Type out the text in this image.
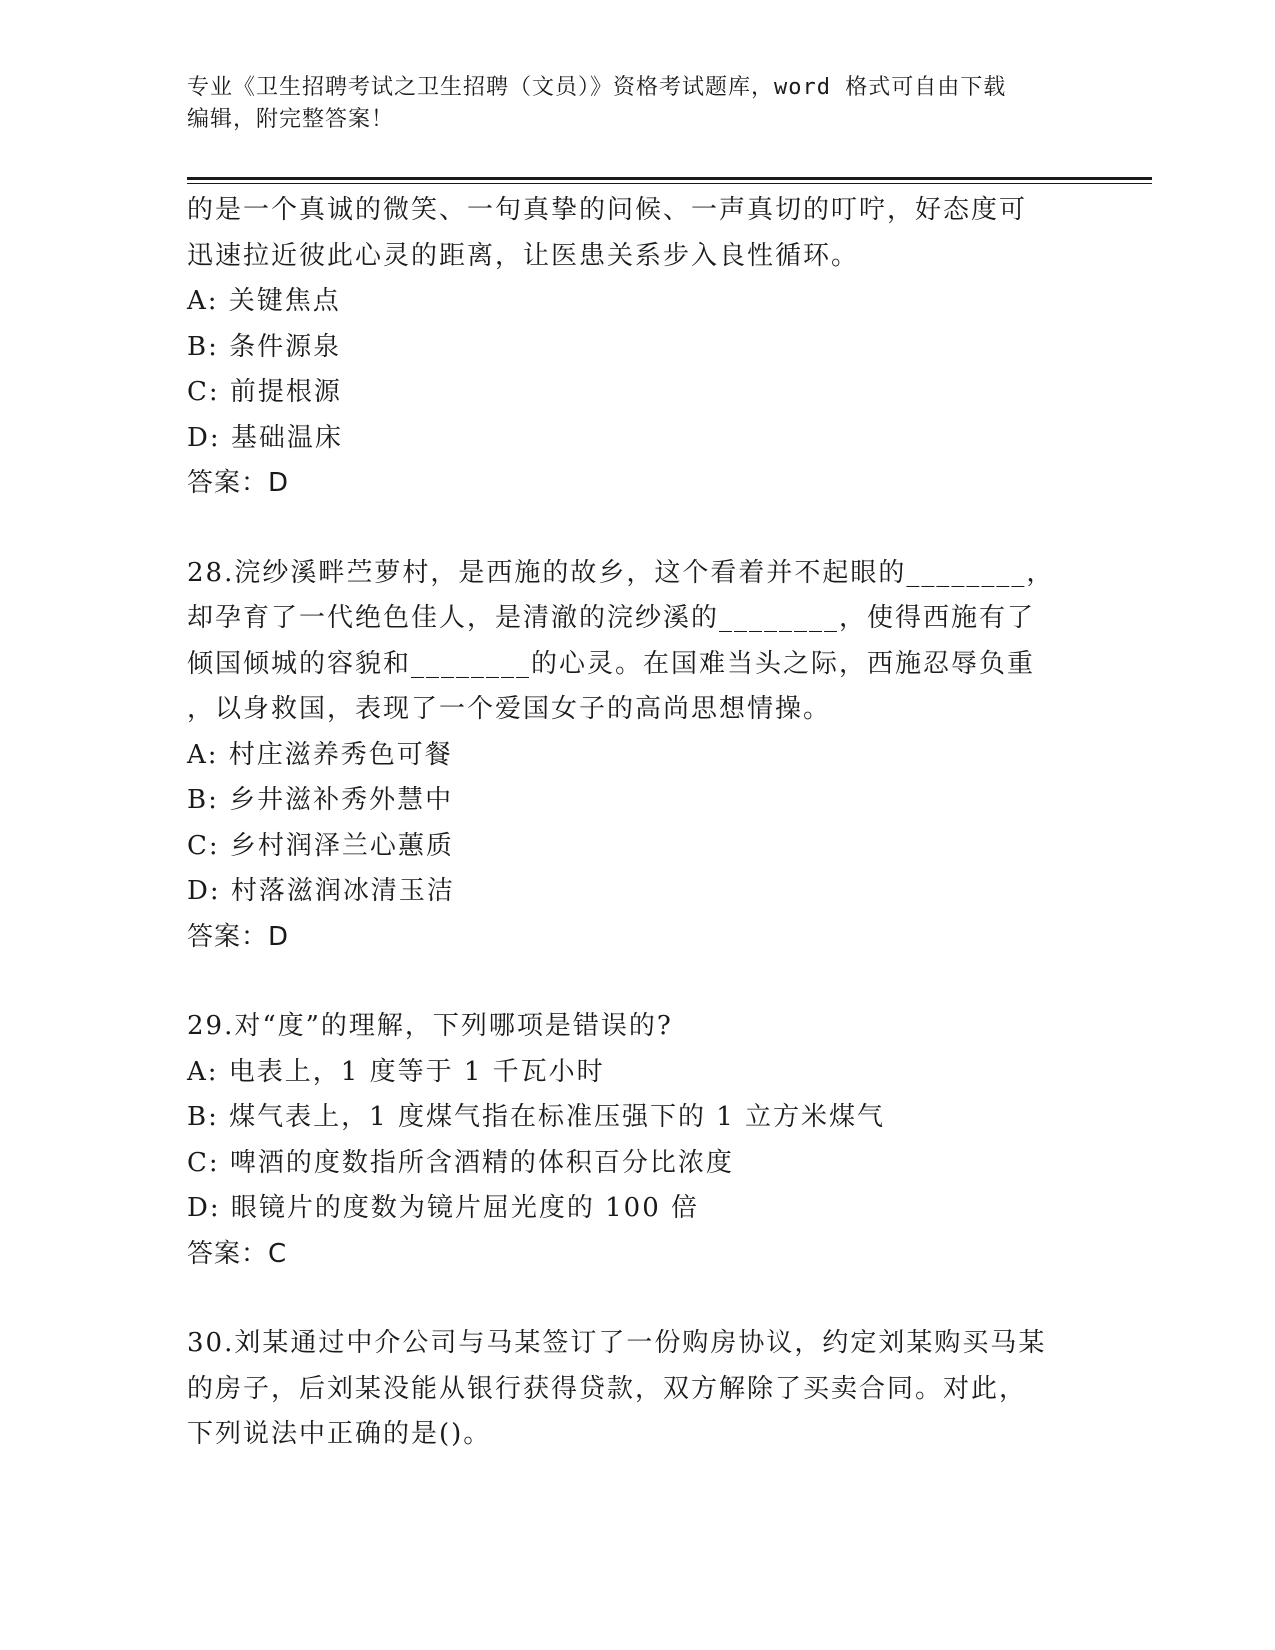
专业《卫生招聘考试之卫生招聘（文员）》资格考试题库，word 格式可自由下载
编辑，附完整答案！
的是一个真诚的微笑、一句真挚的问候、一声真切的叮咛，好态度可
迅速拉近彼此心灵的距离，让医患关系步入良性循环。
A: 关键焦点
B: 条件源泉
C: 前提根源
D: 基础温床
答案：D
28.浣纱溪畔苎萝村，是西施的故乡，这个看着并不起眼的________，
却孕育了一代绝色佳人，是清澈的浣纱溪的________，使得西施有了
倾国倾城的容貌和________的心灵。在国难当头之际，西施忍辱负重
，以身救国，表现了一个爱国女子的高尚思想情操。
A: 村庄滋养秀色可餐
B: 乡井滋补秀外慧中
C: 乡村润泽兰心蕙质
D: 村落滋润冰清玉洁
答案：D
29.对“度”的理解，下列哪项是错误的?
A: 电表上，1 度等于 1 千瓦小时
B: 煤气表上，1 度煤气指在标准压强下的 1 立方米煤气
C: 啤酒的度数指所含酒精的体积百分比浓度
D: 眼镜片的度数为镜片屈光度的 100 倍
答案：C
30.刘某通过中介公司与马某签订了一份购房协议，约定刘某购买马某
的房子，后刘某没能从银行获得贷款，双方解除了买卖合同。对此，
下列说法中正确的是()。
